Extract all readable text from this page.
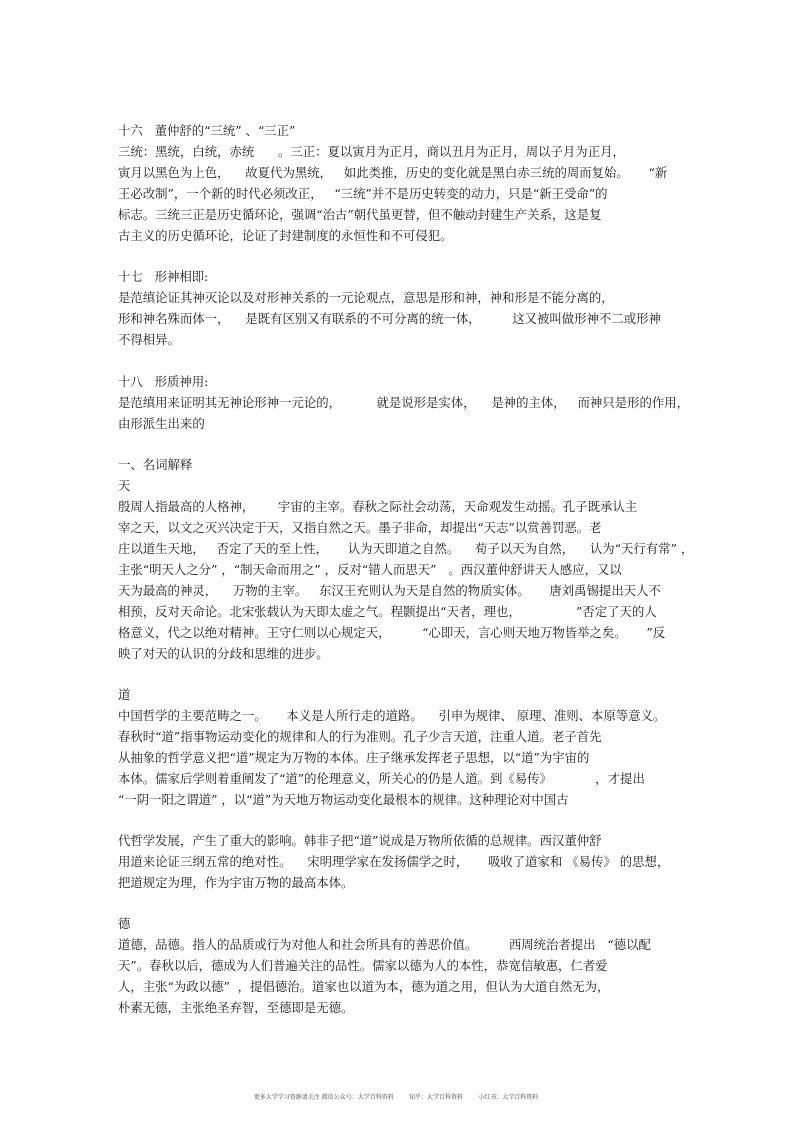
十六   董仲舒的“三统” 、“三正”
三统：黑统，白统，赤统      。三正：夏以寅月为正月，商以丑月为正月，周以子月为正月，
寅月以黑色为上色，    故夏代为黑统，   如此类推，历史的变化就是黑白赤三统的周而复始。     “新
王必改制”，一个新的时代必须改正，   “三统”并不是历史转变的动力，只是“新王受命”的
标志。三统三正是历史循环论，强调“治古”朝代虽更替，但不触动封建生产关系，这是复
古主义的历史循环论，论证了封建制度的永恒性和不可侵犯。
十七   形神相即:
是范缜论证其神灭论以及对形神关系的一元论观点，意思是形和神，神和形是不能分离的，
形和神名殊而体一，    是既有区别又有联系的不可分离的统一体，        这又被叫做形神不二或形神
不得相异。
十八   形质神用:
是范缜用来证明其无神论形神一元论的，         就是说形是实体，    是神的主体，   而神只是形的作用，
由形派生出来的
一、名词解释
天
殷周人指最高的人格神，      宇宙的主宰。春秋之际社会动荡，天命观发生动摇。孔子既承认主
宰之天，以文之灭兴决定于天，又指自然之天。墨子非命，却提出“天志”以赏善罚恶。老
庄以道生天地，   否定了天的至上性，     认为天即道之自然。    荀子以天为自然，    认为“天行有常” ，
主张“明天人之分” ，“制天命而用之” ，反对“错人而思天”   。西汉董仲舒讲天人感应，又以
天为最高的神灵，    万物的主宰。   东汉王充则认为天是自然的物质实体。     唐刘禹锡提出天人不
相预，反对天命论。北宋张载认为天即太虚之气。程颢提出“天者，理也，              ”否定了天的人
格意义，代之以绝对精神。王守仁则以心规定天，        “心即天，言心则天地万物皆举之矣。     ”反
映了对天的认识的分歧和思维的进步。
道
中国哲学的主要范畴之一。     本义是人所行走的道路。    引申为规律、 原理、准则、本原等意义。
春秋时“道”指事物运动变化的规律和人的行为准则。孔子少言天道，注重人道。老子首先
从抽象的哲学意义把“道”规定为万物的本体。庄子继承发挥老子思想，以“道”为宇宙的
本体。儒家后学则着重阐发了“道”的伦理意义，所关心的仍是人道。到《易传》           ，才提出
“一阴一阳之谓道” ，以“道”为天地万物运动变化最根本的规律。这种理论对中国古
代哲学发展，产生了重大的影响。韩非子把“道”说成是万物所依循的总规律。西汉董仲舒
用道来论证三纲五常的绝对性。    宋明理学家在发扬儒学之时，     吸收了道家和 《易传》 的思想，
把道规定为理，作为宇宙万物的最高本体。
德
道德，品德。指人的品质或行为对他人和社会所具有的善恶价值。        西周统治者提出   “德以配
天”。春秋以后，德成为人们普遍关注的品性。儒家以德为人的本性，恭宽信敏惠，仁者爱
人，主张“为政以德”  ，提倡德治。道家也以道为本，德为道之用，但认为大道自然无为，
朴素无德，主张绝圣弃智，至德即是无德。
更多大学学习资源请关注 微信公众号：大学百科资料        知乎：大学百科资料        小红书：大学百科资料
